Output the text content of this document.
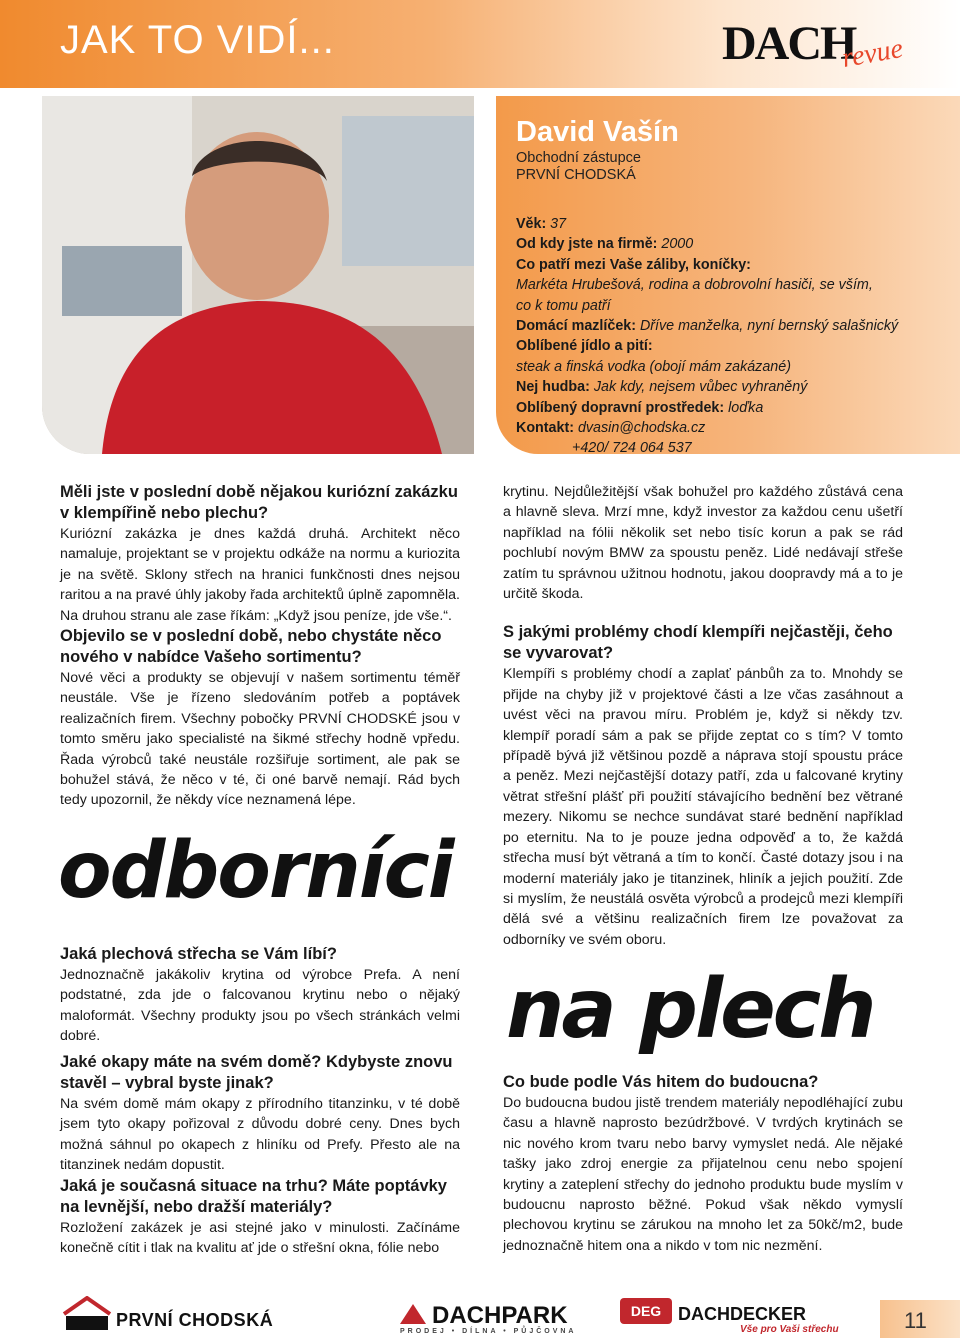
JAK TO VIDÍ...	DACH
revue
David Vašín
Obchodní zástupce
PRVNÍ CHODSKÁ
Věk: 37
Od kdy jste na firmě: 2000
Co patří mezi Vaše záliby, koníčky:
Markéta Hrubešová, rodina a dobrovolní hasiči, se vším,
co k tomu patří
Domácí mazlíček: Dříve manželka, nyní bernský salašnický
Oblíbené jídlo a pití:
steak a finská vodka (obojí mám zakázané)
Nej hudba: Jak kdy, nejsem vůbec vyhraněný
Oblíbený dopravní prostředek: loďka
Kontakt: dvasin@chodska.cz
+420/ 724 064 537
Měli jste v poslední době nějakou kuriózní zakázku v klempířině nebo plechu?

Kuriózní zakázka je dnes každá druhá. Architekt něco namaluje, projektant se v projektu odkáže na normu a kuriozita je na světě. Sklony střech na hranici funkčnosti dnes nejsou raritou a na pravé úhly jakoby řada architektů úplně zapomněla. Na druhou stranu ale zase říkám: „Když jsou peníze, jde vše.“.

Objevilo se v poslední době, nebo chystáte něco nového v nabídce Vašeho sortimentu?

Nové věci a produkty se objevují v našem sortimentu téměř neustále. Vše je řízeno sledováním potřeb a poptávek realizačních firem. Všechny pobočky PRVNÍ CHODSKÉ jsou v tomto směru jako specialisté na šikmé střechy hodně vpředu. Řada výrobců také neustále rozšiřuje sortiment, ale pak se bohužel stává, že něco v té, či oné barvě nemají. Rád bych tedy upozornil, že někdy více neznamená lépe.

odborníci
Jaká plechová střecha se Vám líbí?

Jednoznačně jakákoliv krytina od výrobce Prefa. A není podstatné, zda jde o falcovanou krytinu nebo o nějaký maloformát. Všechny produkty jsou po všech stránkách velmi dobré.

Jaké okapy máte na svém domě? Kdybyste znovu stavěl – vybral byste jinak?

Na svém domě mám okapy z přírodního titanzinku, v té době jsem tyto okapy pořizoval z důvodu dobré ceny. Dnes bych možná sáhnul po okapech z hliníku od Prefy. Přesto ale na titanzinek nedám dopustit.

Jaká je současná situace na trhu? Máte poptávky na levnější, nebo dražší materiály?

Rozložení zakázek je asi stejné jako v minulosti. Začínáme konečně cítit i tlak na kvalitu ať jde o střešní okna, fólie nebo

krytinu. Nejdůležitější však bohužel pro každého zůstává cena a hlavně sleva. Mrzí mne, když investor za každou cenu ušetří například na fólii několik set nebo tisíc korun a pak se rád pochlubí novým BMW za spoustu peněz. Lidé nedávají střeše zatím tu správnou užitnou hodnotu, jakou doopravdy má a to je určitě škoda.

S jakými problémy chodí klempíři nejčastěji, čeho se vyvarovat?

Klempíři s problémy chodí a zaplať pánbůh za to. Mnohdy se přijde na chyby již v projektové části a lze včas zasáhnout a uvést věci na pravou míru. Problém je, když si někdy tzv. klempíř poradí sám a pak se přijde zeptat co s tím? V tomto případě bývá již většinou pozdě a náprava stojí spoustu práce a peněz. Mezi nejčastější dotazy patří, zda u falcované krytiny větrat střešní plášť při použití stávajícího bednění bez větrané mezery. Nikomu se nechce sundávat staré bednění například po eternitu. Na to je pouze jedna odpověď a to, že každá střecha musí být větraná a tím to končí. Časté dotazy jsou i na moderní materiály jako je titanzinek, hliník a jejich použití. Zde si myslím, že neustálá osvěta výrobců a prodejců mezi klempíři dělá své a většinu realizačních firem lze považovat za odborníky ve svém oboru.

na plech
Co bude podle Vás hitem do budoucna?

Do budoucna budou jistě trendem materiály nepodléhající zubu času a hlavně naprosto bezúdržbové. V tvrdých krytinách se nic nového krom tvaru nebo barvy vymyslet nedá. Ale nějaké tašky jako zdroj energie za přijatelnou cenu nebo spojení krytiny a zateplení střechy do jednoho produktu bude myslím v budoucnu naprosto běžné. Pokud však někdo vymyslí plechovou krytinu se zárukou na mnoho let za 50kč/m2, bude jednoznačně hitem ona a nikdo v tom nic nezmění.

PRVNÍ CHODSKÁ	DACHPARK
PRODEJ • DÍLNA • PŮJČOVNA
DEG DACHDECKER
Vše pro Vaši střechu	11
